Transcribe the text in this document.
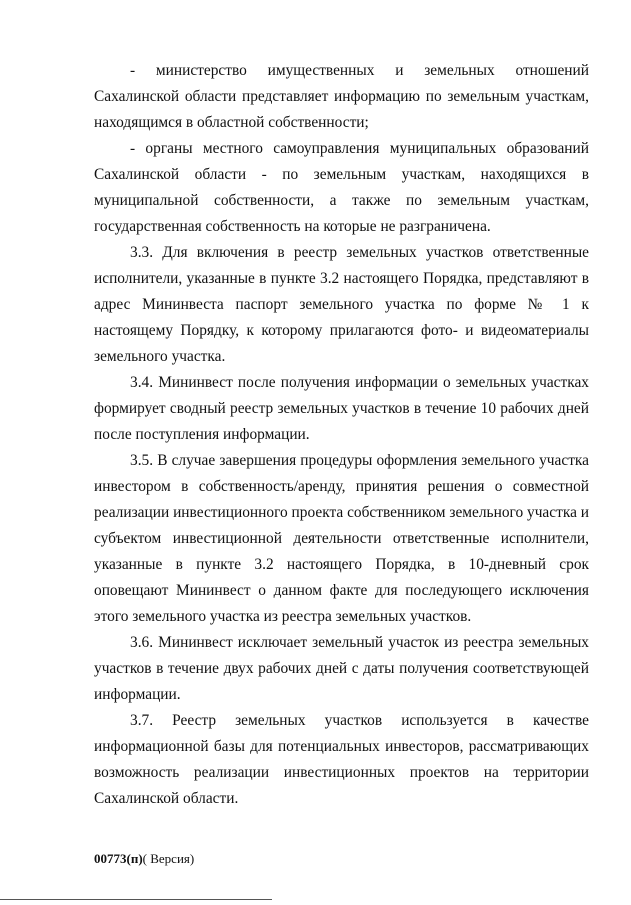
- министерство имущественных и земельных отношений Сахалинской области представляет информацию по земельным участкам, находящимся в областной собственности;

- органы местного самоуправления муниципальных образований Сахалинской области - по земельным участкам, находящихся в муниципальной собственности, а также по земельным участкам, государственная собственность на которые не разграничена.

3.3. Для включения в реестр земельных участков ответственные исполнители, указанные в пункте 3.2 настоящего Порядка, представляют в адрес Мининвеста паспорт земельного участка по форме № 1 к настоящему Порядку, к которому прилагаются фото- и видеоматериалы земельного участка.

3.4. Мининвест после получения информации о земельных участках формирует сводный реестр земельных участков в течение 10 рабочих дней после поступления информации.

3.5. В случае завершения процедуры оформления земельного участка инвестором в собственность/аренду, принятия решения о совместной реализации инвестиционного проекта собственником земельного участка и субъектом инвестиционной деятельности ответственные исполнители, указанные в пункте 3.2 настоящего Порядка, в 10-дневный срок оповещают Мининвест о данном факте для последующего исключения этого земельного участка из реестра земельных участков.

3.6. Мининвест исключает земельный участок из реестра земельных участков в течение двух рабочих дней с даты получения соответствующей информации.

3.7. Реестр земельных участков используется в качестве информационной базы для потенциальных инвесторов, рассматривающих возможность реализации инвестиционных проектов на территории Сахалинской области.

00773(п)( Версия)
